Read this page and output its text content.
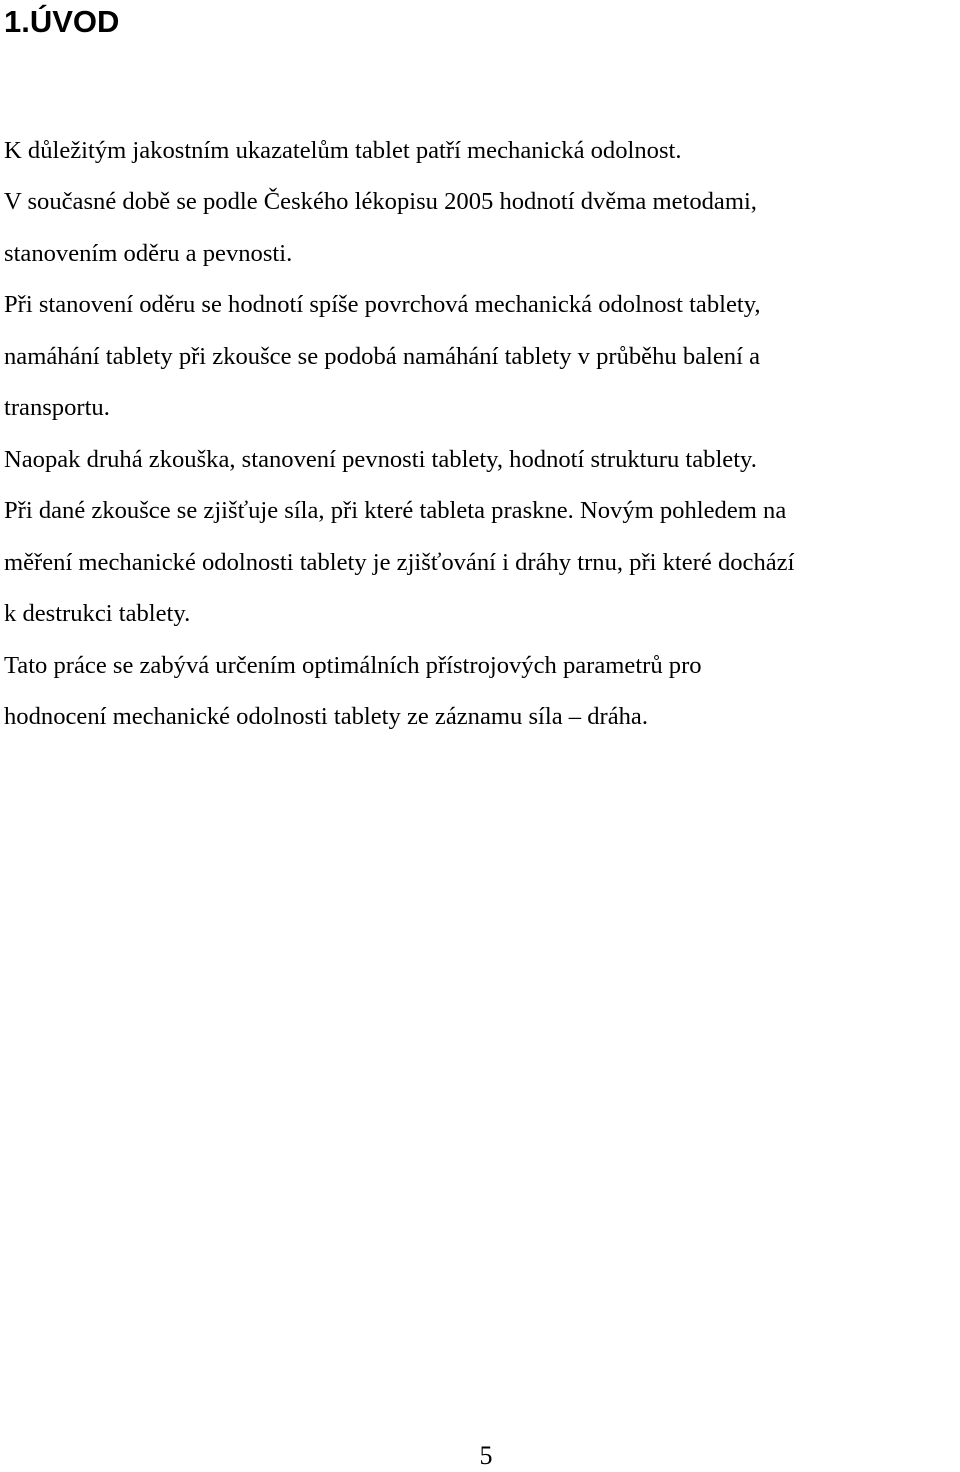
1.ÚVOD

K důležitým jakostním ukazatelům tablet patří mechanická odolnost.

V současné době se podle Českého lékopisu 2005 hodnotí dvěma metodami,

stanovením oděru a pevnosti.

Při stanovení oděru se hodnotí spíše povrchová mechanická odolnost tablety,

namáhání tablety při zkoušce se podobá namáhání tablety v průběhu balení a

transportu.

Naopak druhá zkouška, stanovení pevnosti tablety, hodnotí strukturu tablety.

Při dané zkoušce se zjišťuje síla, při které tableta praskne. Novým pohledem na

měření mechanické odolnosti tablety je zjišťování i dráhy trnu, při které dochází

k destrukci tablety.

Tato práce se zabývá určením optimálních přístrojových parametrů pro

hodnocení mechanické odolnosti tablety ze záznamu síla – dráha.

5
